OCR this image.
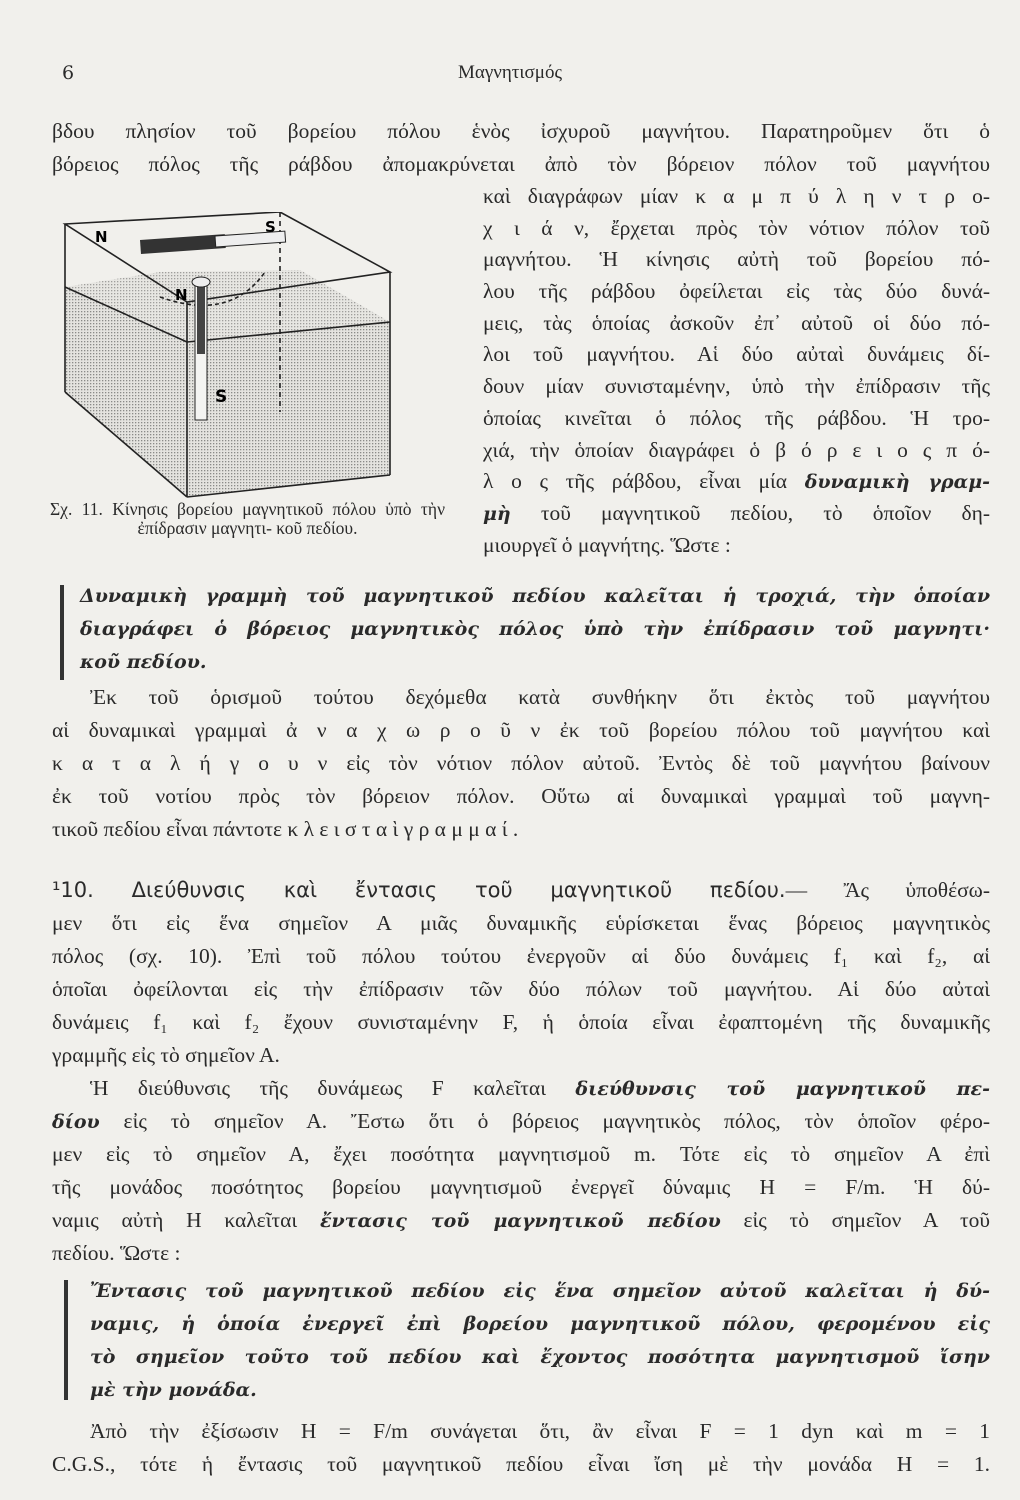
6	Μαγνητισμός
βδου πλησίον τοῦ βορείου πόλου ἑνὸς ἰσχυροῦ μαγνήτου. Παρατηροῦμεν ὅτι ὁ
βόρειος πόλος τῆς ράβδου ἀπομακρύνεται ἀπὸ τὸν βόρειον πόλον τοῦ μαγνήτου
καὶ διαγράφων μίαν κ α μ π ύ λ η ν τ ρ ο-
χ ι ά ν, ἔρχεται πρὸς τὸν νότιον πόλον τοῦ
μαγνήτου. Ἡ κίνησις αὐτὴ τοῦ βορείου πό-
λου τῆς ράβδου ὀφείλεται εἰς τὰς δύο δυνά-
μεις, τὰς ὁποίας ἀσκοῦν ἐπ᾽ αὐτοῦ οἱ δύο πό-
λοι τοῦ μαγνήτου. Αἱ δύο αὐταὶ δυνάμεις δί-
δουν μίαν συνισταμένην, ὑπὸ τὴν ἐπίδρασιν τῆς
ὁποίας κινεῖται ὁ πόλος τῆς ράβδου. Ἡ τρο-
χιά, τὴν ὁποίαν διαγράφει ὁ β ό ρ ε ι ο ς π ό-
λ ο ς τῆς ράβδου, εἶναι μία δυναμικὴ γραμ-
μὴ τοῦ μαγνητικοῦ πεδίου, τὸ ὁποῖον δη-
μιουργεῖ ὁ μαγνήτης. Ὥστε :
N
S
N
S
Σχ. 11. Κίνησις βορείου μαγνητικοῦ πόλου ὑπὸ τὴν ἐπίδρασιν μαγνητι- κοῦ πεδίου.
Δυναμικὴ γραμμὴ τοῦ μαγνητικοῦ πεδίου καλεῖται ἡ τροχιά, τὴν ὁποίαν
διαγράφει ὁ βόρειος μαγνητικὸς πόλος ὑπὸ τὴν ἐπίδρασιν τοῦ μαγνητι·
κοῦ πεδίου.
Ἐκ τοῦ ὁρισμοῦ τούτου δεχόμεθα κατὰ συνθήκην ὅτι ἐκτὸς τοῦ μαγνήτου
αἱ δυναμικαὶ γραμμαὶ ἀ ν α χ ω ρ ο ῦ ν ἐκ τοῦ βορείου πόλου τοῦ μαγνήτου καὶ
κ α τ α λ ή γ ο υ ν εἰς τὸν νότιον πόλον αὐτοῦ. Ἐντὸς δὲ τοῦ μαγνήτου βαίνουν
ἐκ τοῦ νοτίου πρὸς τὸν βόρειον πόλον. Οὕτω αἱ δυναμικαὶ γραμμαὶ τοῦ μαγνη-
τικοῦ πεδίου εἶναι πάντοτε κ λ ε ι σ τ α ὶ γ ρ α μ μ α ί .
¹10. Διεύθυνσις καὶ ἔντασις τοῦ μαγνητικοῦ πεδίου.— Ἄς ὑποθέσω-
μεν ὅτι εἰς ἕνα σημεῖον Α μιᾶς δυναμικῆς εὑρίσκεται ἕνας βόρειος μαγνητικὸς
πόλος (σχ. 10). Ἐπὶ τοῦ πόλου τούτου ἐνεργοῦν αἱ δύο δυνάμεις f₁ καὶ f₂, αἱ
ὁποῖαι ὀφείλονται εἰς τὴν ἐπίδρασιν τῶν δύο πόλων τοῦ μαγνήτου. Αἱ δύο αὐταὶ
δυνάμεις f₁ καὶ f₂ ἔχουν συνισταμένην F, ἡ ὁποία εἶναι ἐφαπτομένη τῆς δυναμικῆς
γραμμῆς εἰς τὸ σημεῖον Α.
Ἡ διεύθυνσις τῆς δυνάμεως F καλεῖται διεύθυνσις τοῦ μαγνητικοῦ πε-
δίου εἰς τὸ σημεῖον Α. Ἔστω ὅτι ὁ βόρειος μαγνητικὸς πόλος, τὸν ὁποῖον φέρο-
μεν εἰς τὸ σημεῖον Α, ἔχει ποσότητα μαγνητισμοῦ m. Τότε εἰς τὸ σημεῖον Α ἐπὶ
τῆς μονάδος ποσότητος βορείου μαγνητισμοῦ ἐνεργεῖ δύναμις H = F/m. Ἡ δύ-
ναμις αὐτὴ Η καλεῖται ἔντασις τοῦ μαγνητικοῦ πεδίου εἰς τὸ σημεῖον Α τοῦ
πεδίου. Ὥστε :
Ἔντασις τοῦ μαγνητικοῦ πεδίου εἰς ἕνα σημεῖον αὐτοῦ καλεῖται ἡ δύ-
ναμις, ἡ ὁποία ἐνεργεῖ ἐπὶ βορείου μαγνητικοῦ πόλου, φερομένου εἰς
τὸ σημεῖον τοῦτο τοῦ πεδίου καὶ ἔχοντος ποσότητα μαγνητισμοῦ ἴσην
μὲ τὴν μονάδα.
Ἀπὸ τὴν ἐξίσωσιν H = F/m συνάγεται ὅτι, ἂν εἶναι F = 1 dyn καὶ m = 1
C.G.S., τότε ἡ ἔντασις τοῦ μαγνητικοῦ πεδίου εἶναι ἴση μὲ τὴν μονάδα H = 1.
